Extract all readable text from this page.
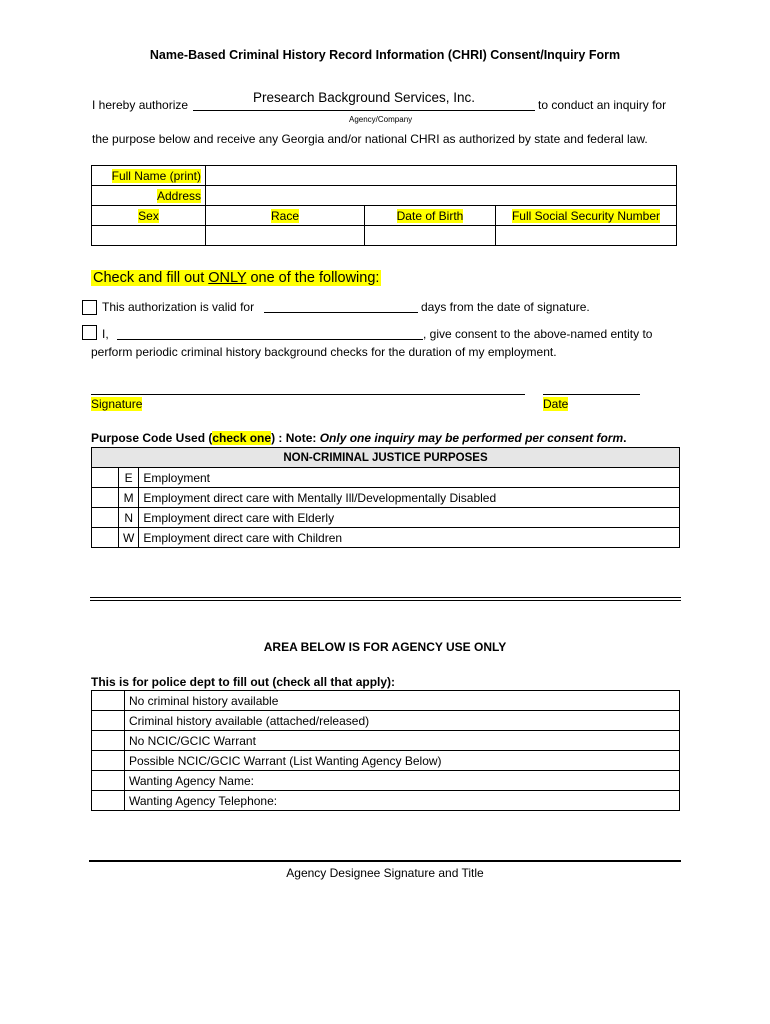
Name-Based Criminal History Record Information (CHRI) Consent/Inquiry Form
I hereby authorize	Presearch Background Services, Inc.	to conduct an inquiry for
Agency/Company
the purpose below and receive any Georgia and/or national CHRI as authorized by state and federal law.
Full Name (print)			
Address			
Sex	Race	Date of Birth	Full Social Security Number

Check and fill out ONLY one of the following:
This authorization is valid for	days from the date of signature.
I,	, give consent to the above-named entity to
perform periodic criminal history background checks for the duration of my employment.
Signature	Date
Purpose Code Used (check one) : Note: Only one inquiry may be performed per consent form.
NON-CRIMINAL JUSTICE PURPOSES		
	E	Employment
	M	Employment direct care with Mentally Ill/Developmentally Disabled
	N	Employment direct care with Elderly
	W	Employment direct care with Children
AREA BELOW IS FOR AGENCY USE ONLY
This is for police dept to fill out (check all that apply):
	No criminal history available
	Criminal history available (attached/released)
	No NCIC/GCIC Warrant
	Possible NCIC/GCIC Warrant (List Wanting Agency Below)
	Wanting Agency Name:
	Wanting Agency Telephone:
Agency Designee Signature and Title
